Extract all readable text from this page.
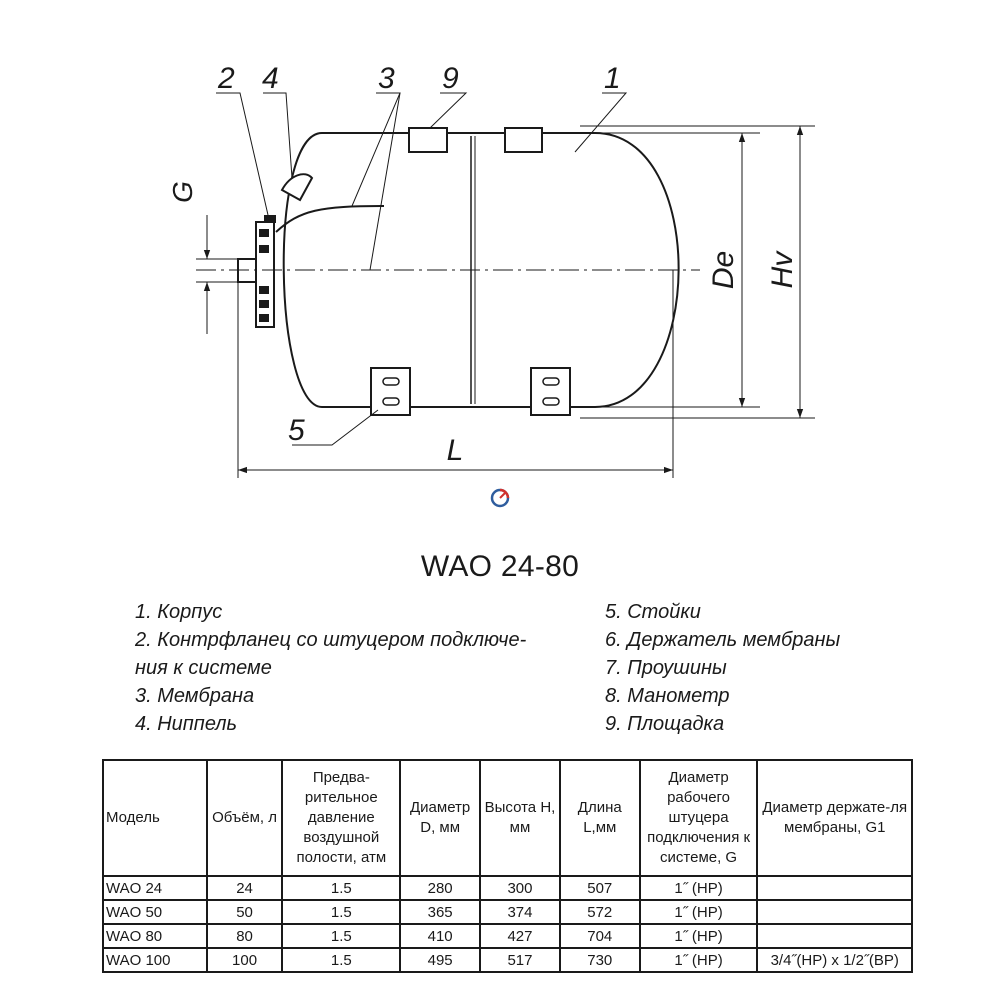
2 4	3 9	1
5
G
De Hv
L
WAO 24-80
1. Корпус
2. Контрфланец со штуцером подключе-
ния к системе
3. Мембрана
4. Ниппель
5. Стойки
6. Держатель мембраны
7. Проушины
8. Манометр
9. Площадка
Модель	Объём, л	Предва-рительное давление воздушной полости, атм	Диаметр D, мм	Высота H, мм	Длина L,мм	Диаметр рабочего штуцера подключения к системе, G	Диаметр держате-ля мембраны, G1
WAO 24	24	1.5	280	300	507	1˝ (НР)	
WAO 50	50	1.5	365	374	572	1˝ (НР)	
WAO 80	80	1.5	410	427	704	1˝ (НР)	
WAO 100	100	1.5	495	517	730	1˝ (НР)	3/4˝(НР) х 1/2˝(ВР)
